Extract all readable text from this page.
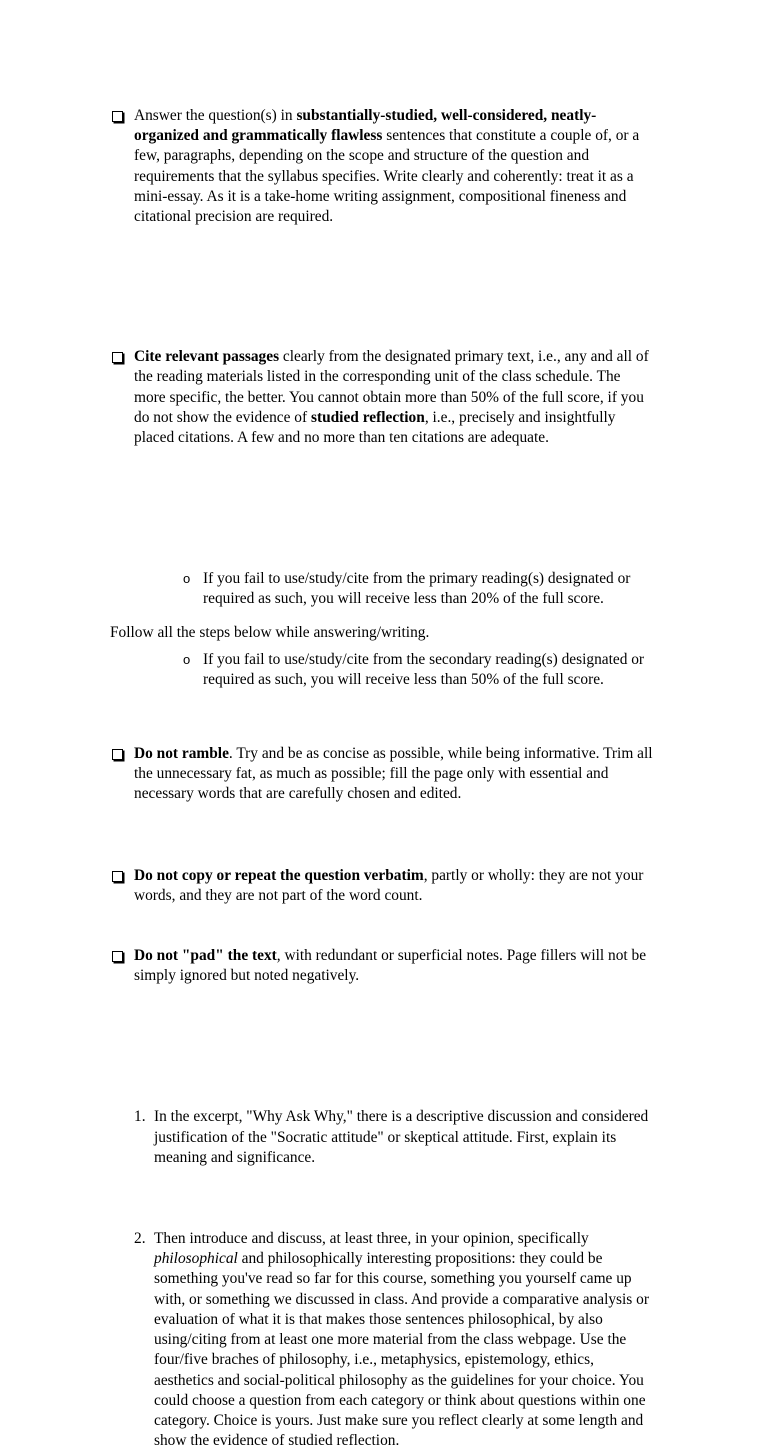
Answer the question(s) in substantially-studied, well-considered, neatly-organized and grammatically flawless sentences that constitute a couple of, or a few, paragraphs, depending on the scope and structure of the question and requirements that the syllabus specifies. Write clearly and coherently: treat it as a mini-essay. As it is a take-home writing assignment, compositional fineness and citational precision are required.

Cite relevant passages clearly from the designated primary text, i.e., any and all of the reading materials listed in the corresponding unit of the class schedule. The more specific, the better. You cannot obtain more than 50% of the full score, if you do not show the evidence of studied reflection, i.e., precisely and insightfully placed citations. A few and no more than ten citations are adequate.

o If you fail to use/study/cite from the primary reading(s) designated or required as such, you will receive less than 20% of the full score.

o If you fail to use/study/cite from the secondary reading(s) designated or required as such, you will receive less than 50% of the full score.

Do not ramble. Try and be as concise as possible, while being informative. Trim all the unnecessary fat, as much as possible; fill the page only with essential and necessary words that are carefully chosen and edited.

Do not copy or repeat the question verbatim, partly or wholly: they are not your words, and they are not part of the word count.

Do not "pad" the text, with redundant or superficial notes. Page fillers will not be simply ignored but noted negatively.

Follow all the steps below while answering/writing.

1. In the excerpt, "Why Ask Why," there is a descriptive discussion and considered justification of the "Socratic attitude" or skeptical attitude. First, explain its meaning and significance.

2. Then introduce and discuss, at least three, in your opinion, specifically philosophical and philosophically interesting propositions: they could be something you've read so far for this course, something you yourself came up with, or something we discussed in class. And provide a comparative analysis or evaluation of what it is that makes those sentences philosophical, by also using/citing from at least one more material from the class webpage. Use the four/five braches of philosophy, i.e., metaphysics, epistemology, ethics, aesthetics and social-political philosophy as the guidelines for your choice. You could choose a question from each category or think about questions within one category. Choice is yours. Just make sure you reflect clearly at some length and show the evidence of studied reflection.
